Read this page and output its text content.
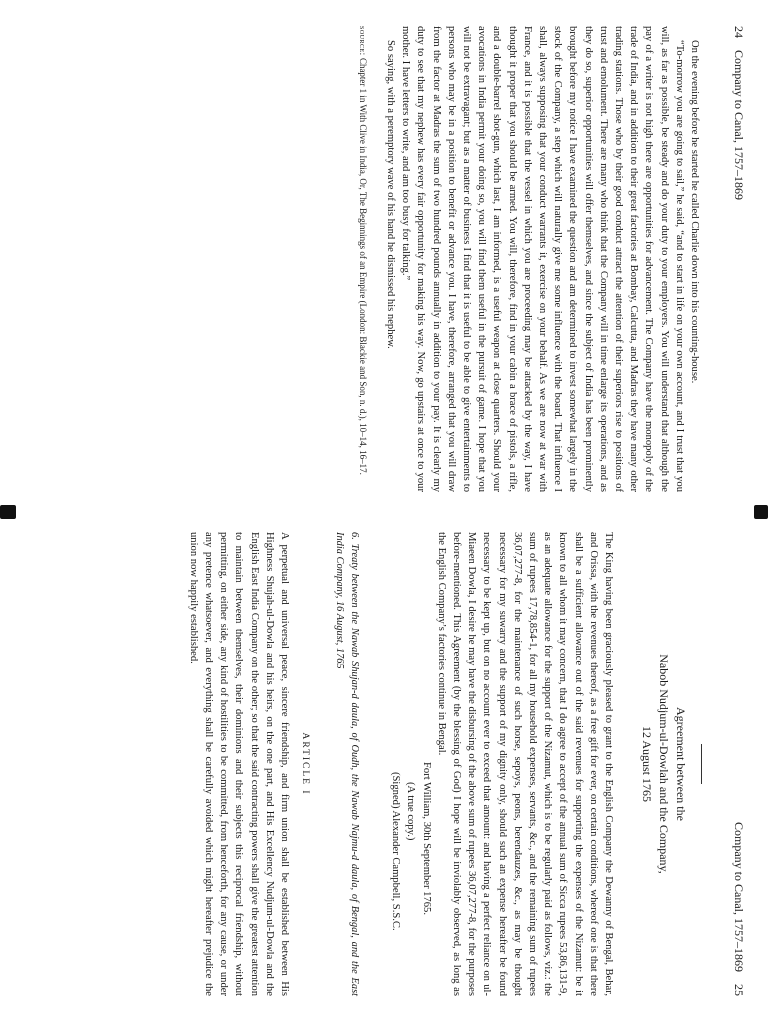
24
Company to Canal, 1757–1869

On the evening before he started he called Charlie down into his counting-house.

“To-morrow you are going to sail,” he said, “and to start in life on your own account, and I trust that you will, as far as possible, be steady and do your duty to your employers. You will understand that although the pay of a writer is not high there are opportunities for advancement. The Company have the monopoly of the trade of India, and in addition to their great factories at Bombay, Calcutta, and Madras they have many other trading stations. Those who by their good conduct attract the attention of their superiors rise to positions of trust and emolument. There are many who think that the Company will in time enlarge its operations, and as they do so, superior opportunities will offer themselves, and since the subject of India has been prominently brought before my notice I have examined the question and am determined to invest somewhat largely in the stock of the Company, a step which will naturally give me some influence with the board. That influence I shall, always supposing that your conduct warrants it, exercise on your behalf. As we are now at war with France, and it is possible that the vessel in which you are proceeding may be attacked by the way, I have thought it proper that you should be armed. You will, therefore, find in your cabin a brace of pistols, a rifle, and a double-barrel shot-gun, which last, I am informed, is a useful weapon at close quarters. Should your avocations in India permit your doing so, you will find them useful in the pursuit of game. I hope that you will not be extravagant; but as a matter of business I find that it is useful to be able to give entertainments to persons who may be in a position to benefit or advance you. I have, therefore, arranged that you will draw from the factor at Madras the sum of two hundred pounds annually in addition to your pay. It is clearly my duty to see that my nephew has every fair opportunity for making his way. Now, go upstairs at once to your mother. I have letters to write, and am too busy for talking.”

So saying, with a peremptory wave of his hand he dismissed his nephew.

source: Chapter 1 in With Clive in India, Or, The Beginnings of an Empire (London: Blackie and Son, n. d.), 10–14, 16–17.

Company to Canal, 1757–1869
25
Agreement between the
Nabob Nudjum-ul-Dowlah and the Company,
12 August 1765

The King having been graciously pleased to grant to the English Company the Dewanny of Bengal, Behar, and Orissa, with the revenues thereof, as a free gift for ever, on certain conditions, whereof one is that there shall be a sufficient allowance out of the said revenues for supporting the expenses of the Nizamut: be it known to all whom it may concern, that I do agree to accept of the annual sum of Sicca rupees 53,86,131-9, as an adequate allowance for the support of the Nizamut, which is to be regularly paid as follows, viz.: the sum of rupees 17,78,854-1, for all my household expenses, servants, &c., and the remaining sum of rupees 36,07,277-8, for the maintenance of such horse, sepoys, peons, berendauzes, &c., as may be thought necessary for my suwarry and the support of my dignity only, should such an expense hereafter be found necessary to be kept up, but on no account ever to exceed that amount: and having a perfect reliance on ul-Miaeen Dowla, I desire he may have the disbursing of the above sum of rupees 36,07,277-8, for the purposes before-mentioned. This Agreement (by the blessing of God) I hope will be inviolably observed, as long as the English Company’s factories continue in Bengal.

Fort William, 30th September 1765.
(A true copy.)
(Signed) Alexander Campbell, S.S.C.

6. Treaty between the Nawab Shujan-d daula, of Oudh, the Nawab Najmu-d daula, of Bengal, and the East India Company, 16 August, 1765

ARTICLE I

A perpetual and universal peace, sincere friendship, and firm union shall be established between His Highness Shujah-ul-Dowla and his heirs, on the one part, and His Excellency Nudjum-ul-Dowla and the English East India Company on the other; so that the said contracting powers shall give the greatest attention to maintain between themselves, their dominions and their subjects this reciprocal friendship, without permitting, on either side, any kind of hostilities to be committed, from henceforth, for any cause, or under any pretence whatsoever, and everything shall be carefully avoided which might hereafter prejudice the union now happily established.
